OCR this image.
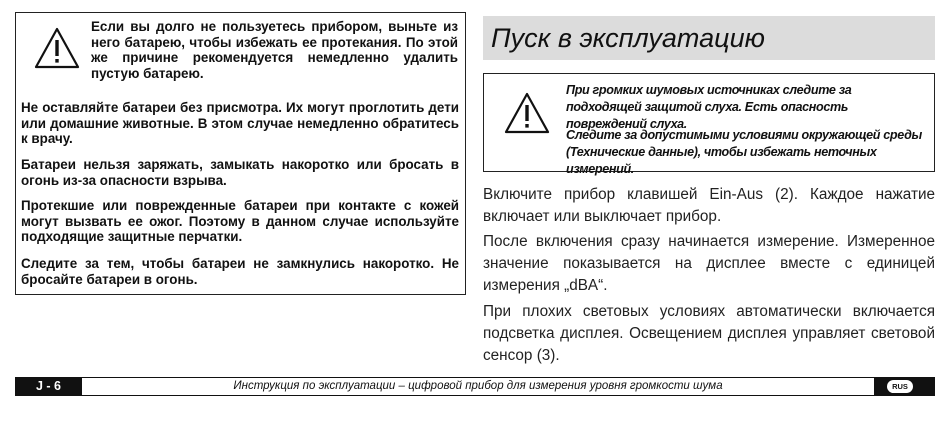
Если вы долго не пользуетесь прибором, выньте из него батарею, чтобы избежать ее протекания. По этой же причине рекомендуется немедленно удалить пустую батарею.
Не оставляйте батареи без присмотра. Их могут проглотить дети или домашние животные. В этом случае немедленно обратитесь к врачу.
Батареи нельзя заряжать, замыкать накоротко или бросать в огонь из-за опасности взрыва.
Протекшие или поврежденные батареи при контакте с кожей могут вызвать ее ожог. Поэтому в данном случае используйте подходящие защитные перчатки.
Следите за тем, чтобы батареи не замкнулись накоротко. Не бросайте батареи в огонь.
Пуск в эксплуатацию
При громких шумовых источниках следите за подходящей защитой слуха. Есть опасность повреждений слуха.
Следите за допустимыми условиями окружающей среды (Технические данные), чтобы избежать неточных измерений.
Включите прибор клавишей Ein-Aus (2). Каждое нажатие включает или выключает прибор.
После включения сразу начинается измерение. Измеренное значение показывается на дисплее вместе с единицей измерения „dBA“.
При плохих световых условиях автоматически включается подсветка дисплея. Освещением дисплея управляет световой сенсор (3).
J - 6	Инструкция по эксплуатации – цифровой прибор для измерения уровня громкости шума	RUS
